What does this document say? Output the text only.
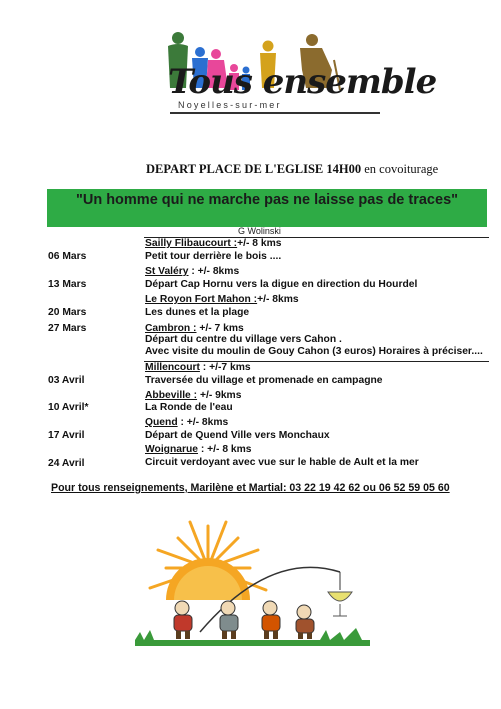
Tous ensemble
Noyelles-sur-mer
DEPART PLACE DE L'EGLISE 14H00 en covoiturage
"Un homme qui ne marche pas ne laisse pas de traces"
G Wolinski
Sailly Flibaucourt :+/- 8 kms
06 Mars	Petit tour derrière le bois ....
St Valéry : +/- 8kms
13 Mars	Départ Cap Hornu vers la digue en direction du Hourdel
Le Royon Fort Mahon :+/- 8kms
20 Mars	Les dunes et la plage
27 Mars	Cambron : +/- 7 kms
Départ du centre du village vers Cahon .
Avec visite du moulin de Gouy Cahon (3 euros) Horaires à préciser....
Millencourt : +/-7 kms
03 Avril	Traversée du village et promenade en campagne
Abbeville : +/- 9kms
10 Avril*	La Ronde de l'eau
Quend : +/- 8kms
17 Avril	Départ de Quend Ville vers Monchaux
Woignarue : +/- 8 kms
24 Avril	Circuit verdoyant avec vue sur le hable de Ault et la mer
Pour tous renseignements, Marilène et Martial: 03 22 19 42 62 ou 06 52 59 05 60
